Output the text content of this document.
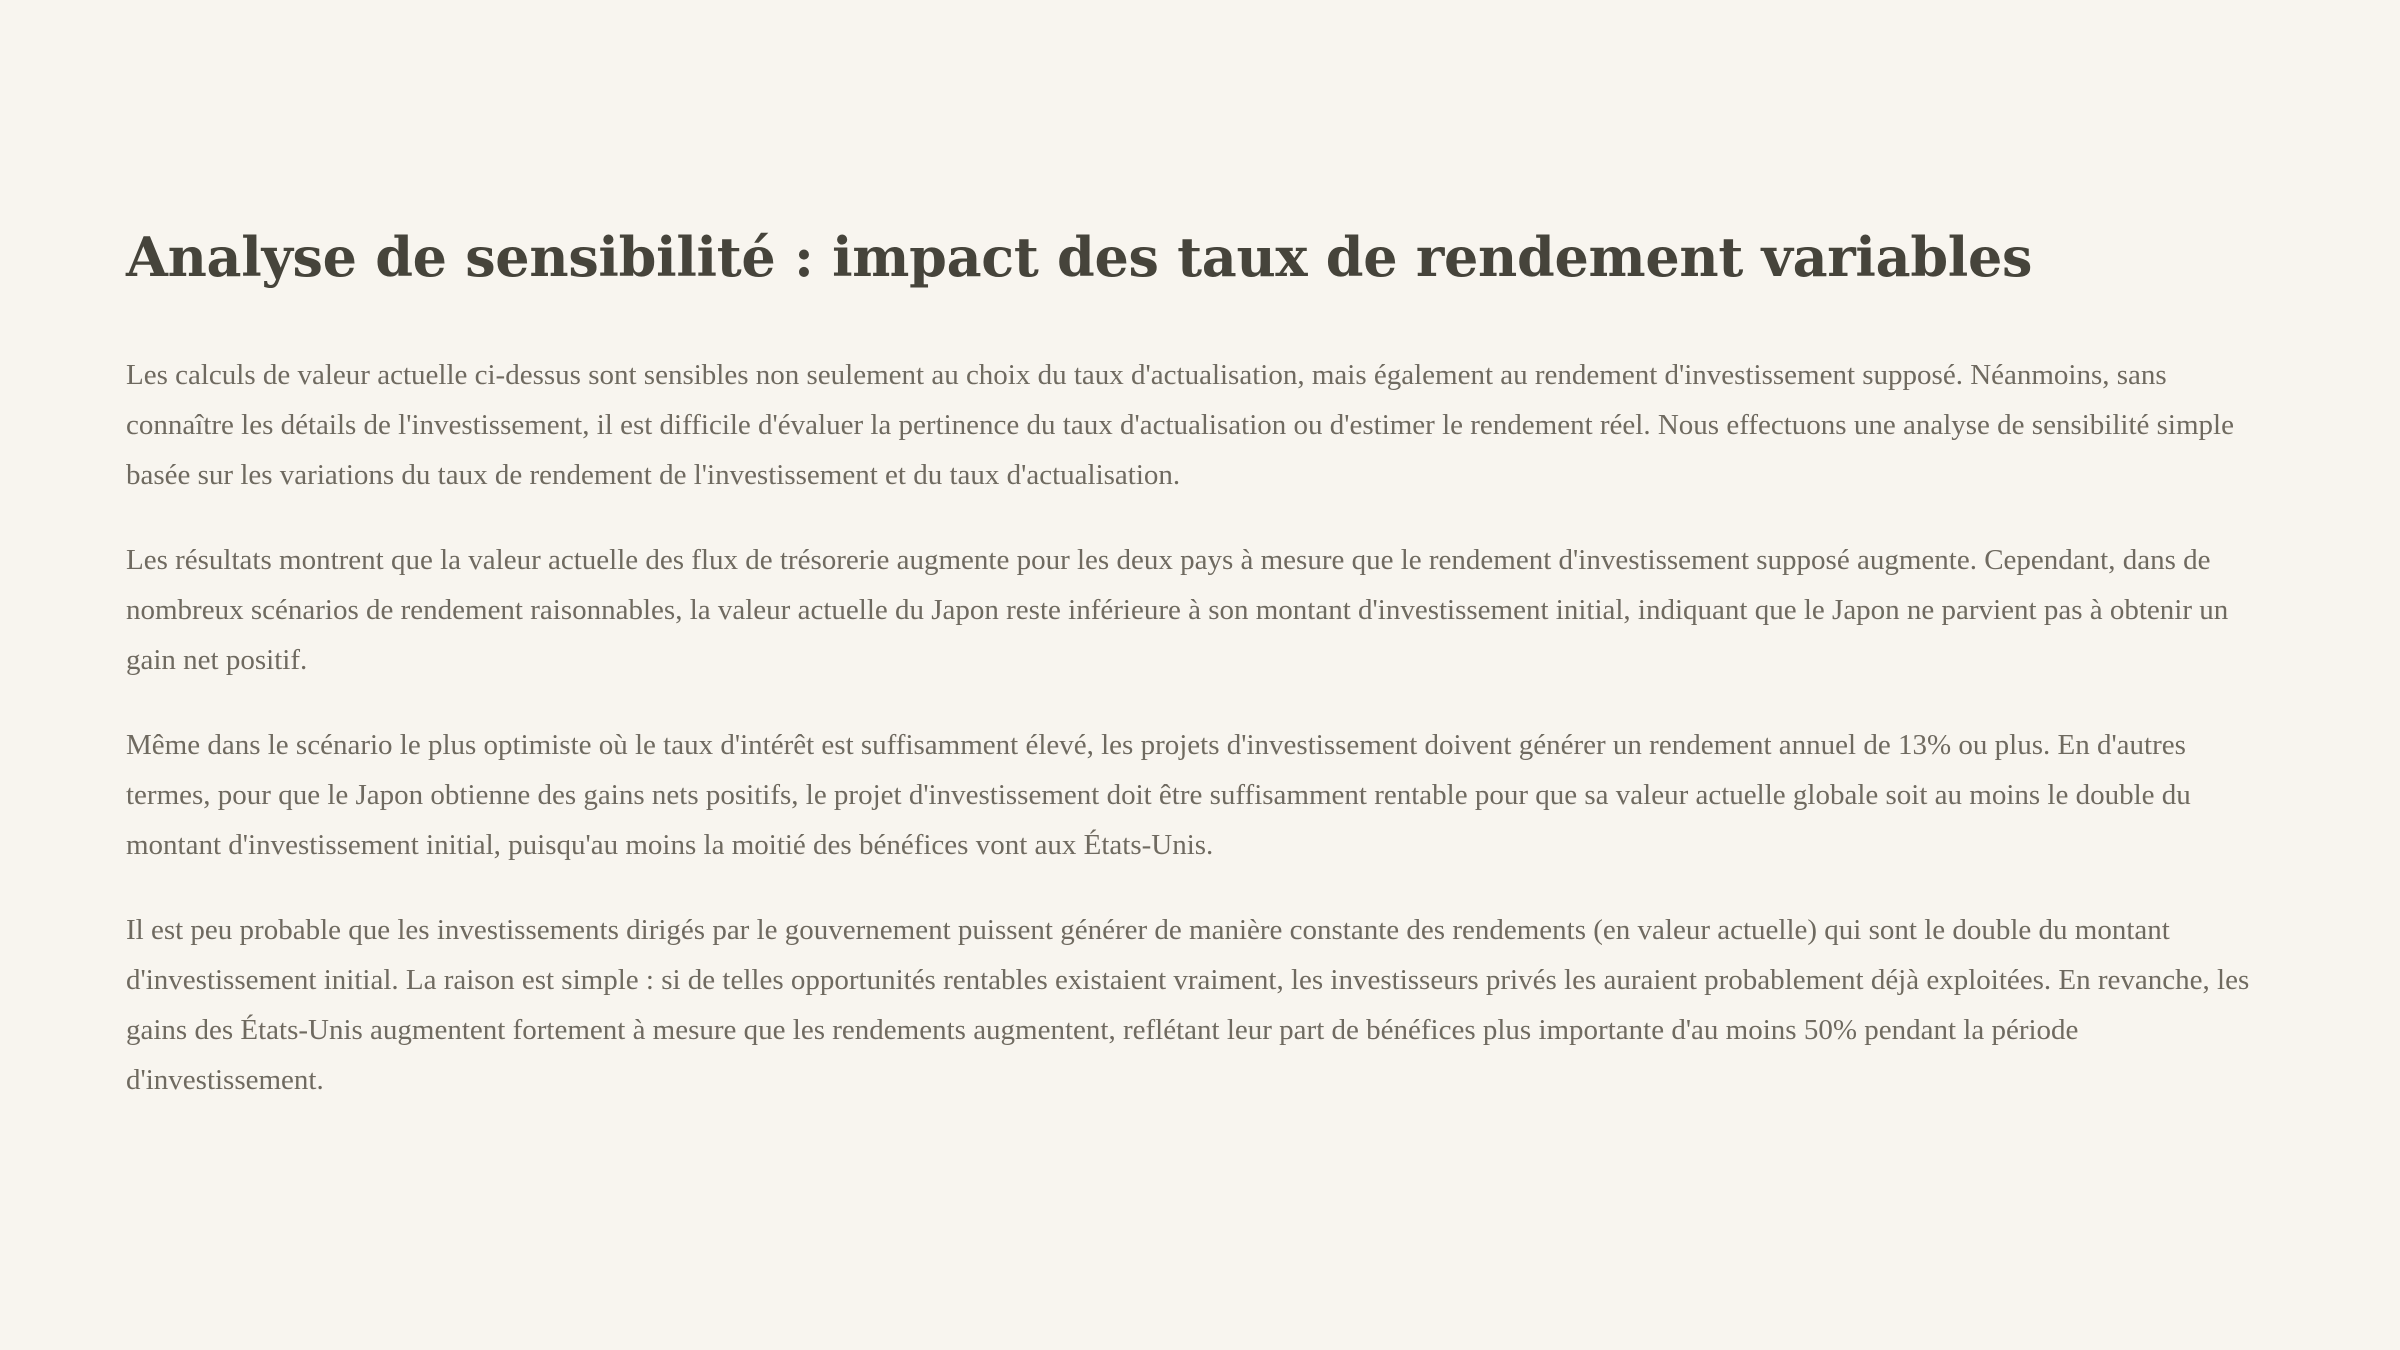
Analyse de sensibilité : impact des taux de rendement variables

Les calculs de valeur actuelle ci-dessus sont sensibles non seulement au choix du taux d'actualisation, mais également au rendement d'investissement supposé. Néanmoins, sans connaître les détails de l'investissement, il est difficile d'évaluer la pertinence du taux d'actualisation ou d'estimer le rendement réel. Nous effectuons une analyse de sensibilité simple basée sur les variations du taux de rendement de l'investissement et du taux d'actualisation.

Les résultats montrent que la valeur actuelle des flux de trésorerie augmente pour les deux pays à mesure que le rendement d'investissement supposé augmente. Cependant, dans de nombreux scénarios de rendement raisonnables, la valeur actuelle du Japon reste inférieure à son montant d'investissement initial, indiquant que le Japon ne parvient pas à obtenir un gain net positif.

Même dans le scénario le plus optimiste où le taux d'intérêt est suffisamment élevé, les projets d'investissement doivent générer un rendement annuel de 13% ou plus. En d'autres termes, pour que le Japon obtienne des gains nets positifs, le projet d'investissement doit être suffisamment rentable pour que sa valeur actuelle globale soit au moins le double du montant d'investissement initial, puisqu'au moins la moitié des bénéfices vont aux États-Unis.

Il est peu probable que les investissements dirigés par le gouvernement puissent générer de manière constante des rendements (en valeur actuelle) qui sont le double du montant d'investissement initial. La raison est simple : si de telles opportunités rentables existaient vraiment, les investisseurs privés les auraient probablement déjà exploitées. En revanche, les gains des États-Unis augmentent fortement à mesure que les rendements augmentent, reflétant leur part de bénéfices plus importante d'au moins 50% pendant la période d'investissement.
